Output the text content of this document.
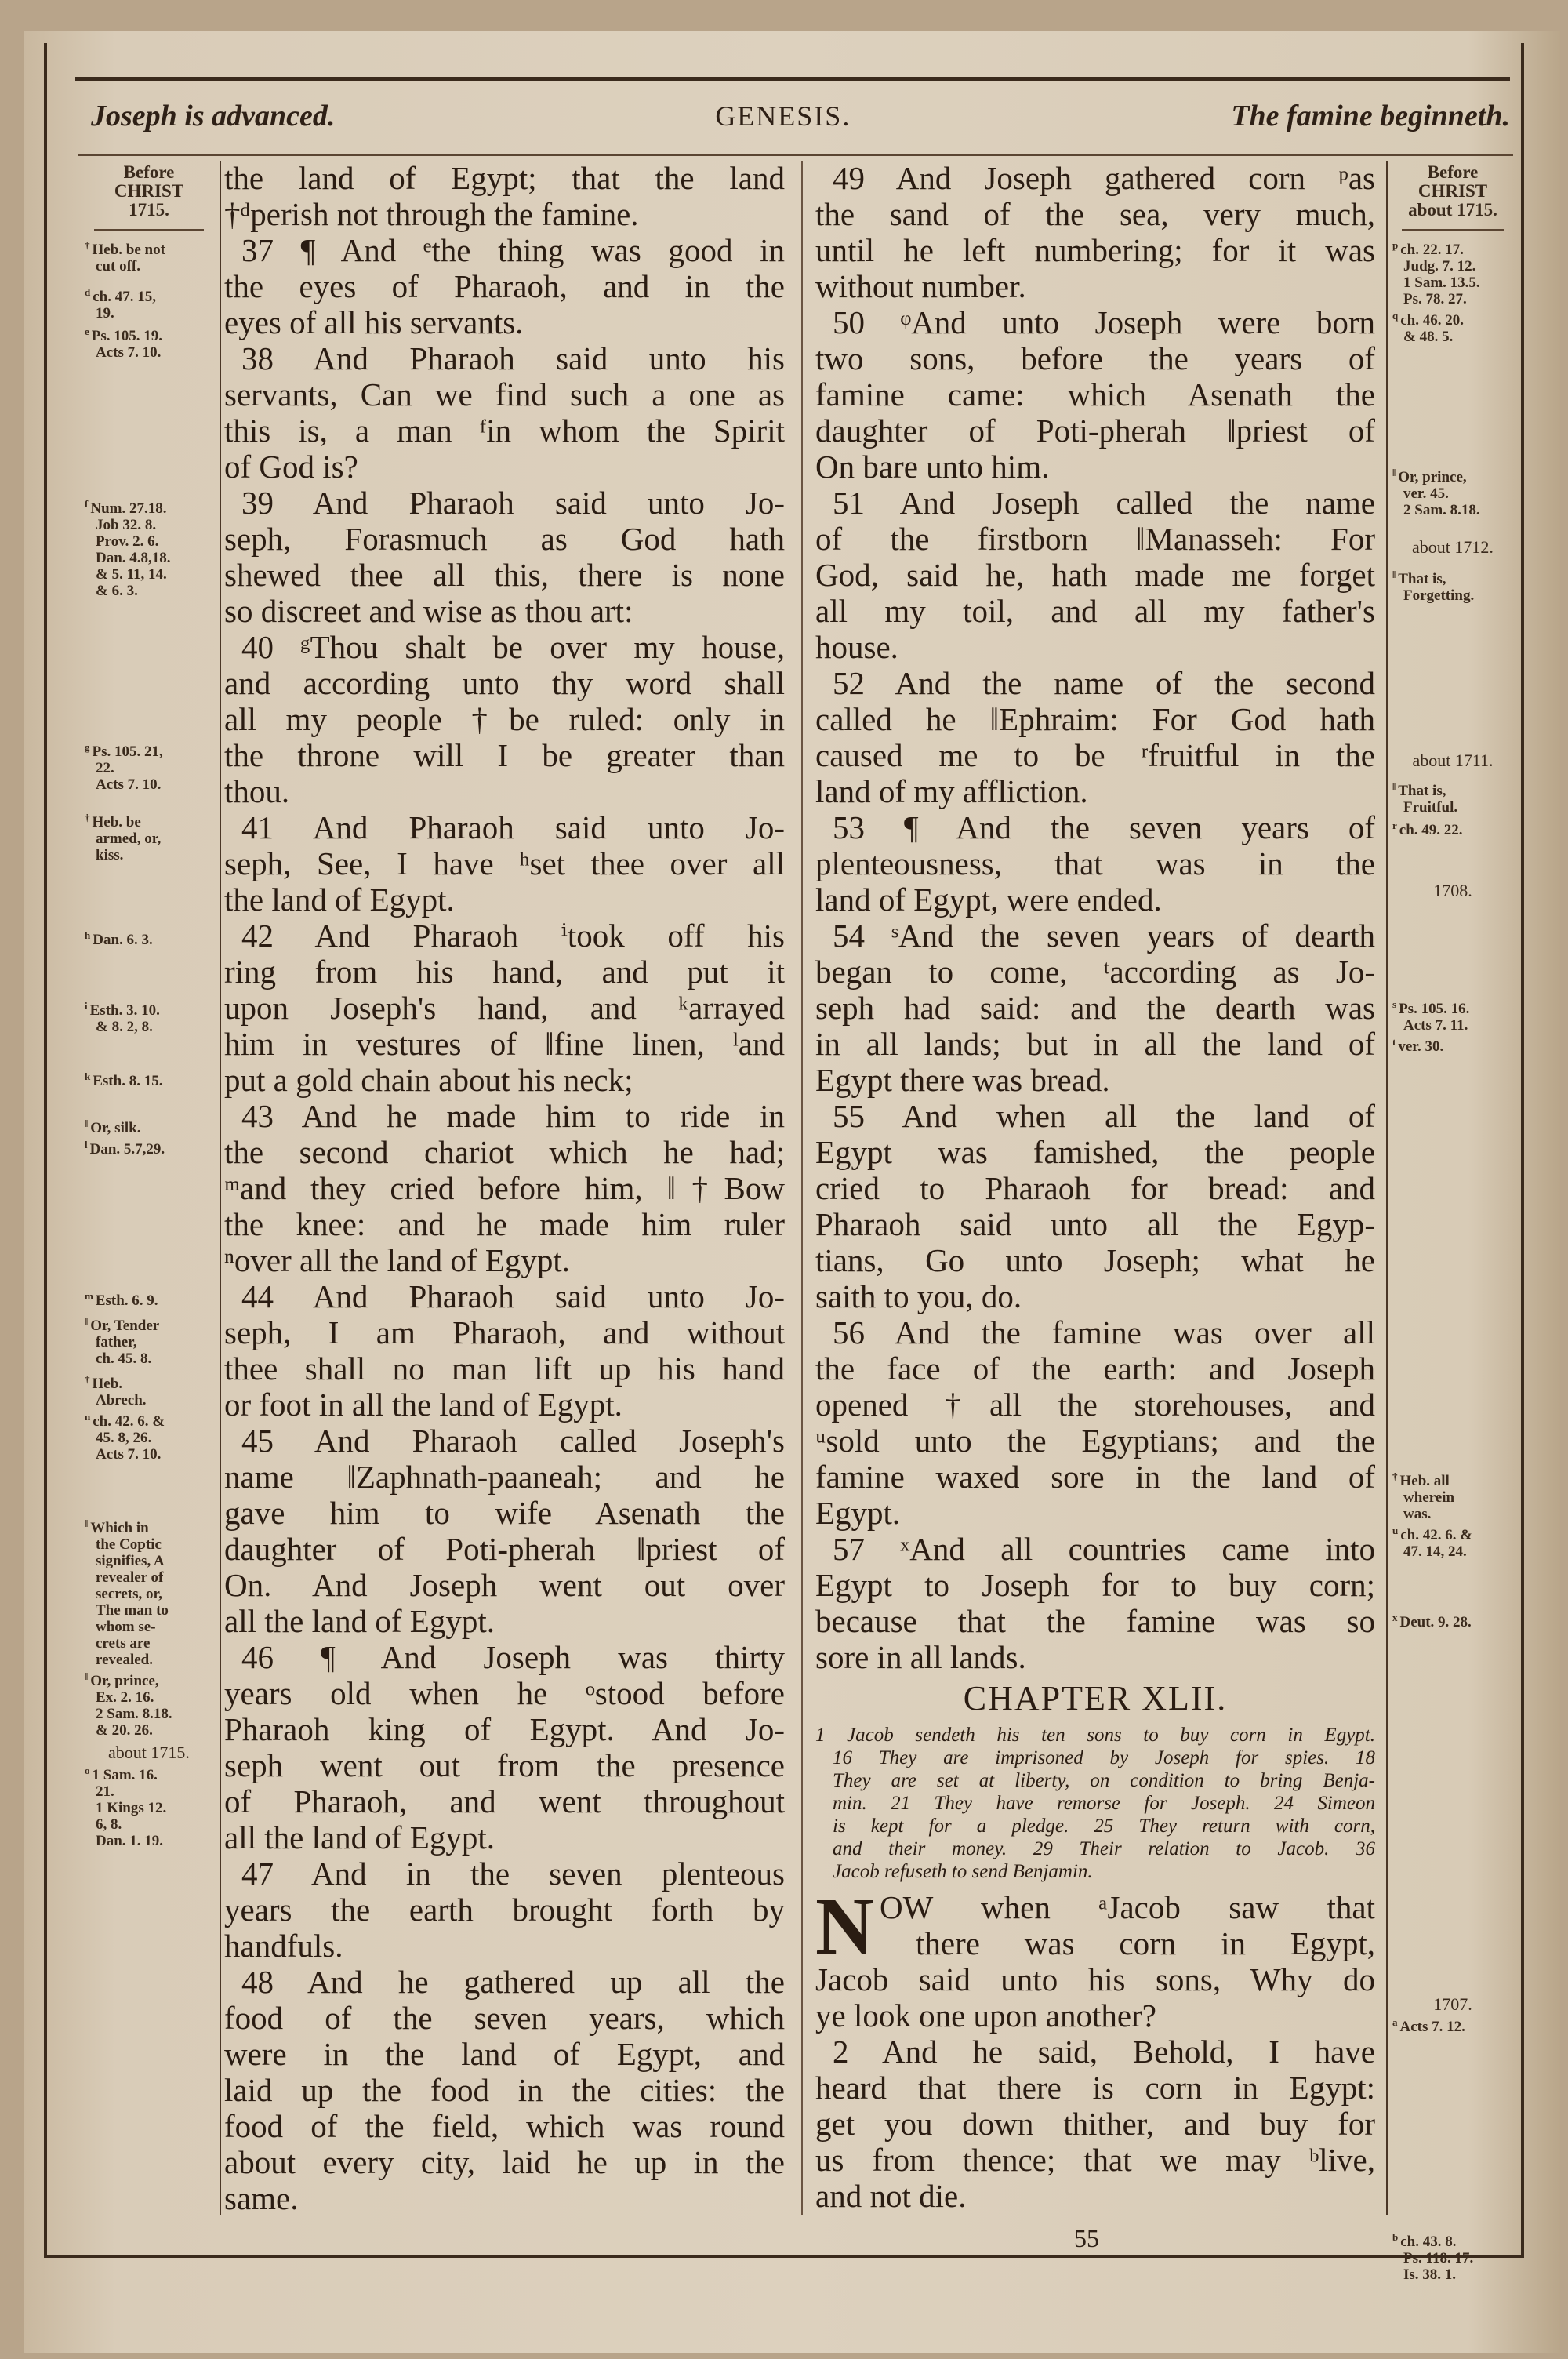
Joseph is advanced.	GENESIS.	The famine beginneth.
Before
CHRIST
1715.
† Heb. be not
cut off.
$^d$ ch. 47. 15,
19.
$^e$ Ps. 105. 19.
Acts 7. 10.
$^f$ Num. 27.18.
Job 32. 8.
Prov. 2. 6.
Dan. 4.8,18.
& 5. 11, 14.
& 6. 3.
$^g$ Ps. 105. 21,
22.
Acts 7. 10.
† Heb. be
armed, or,
kiss.
$^h$ Dan. 6. 3.
$^i$ Esth. 3. 10.
& 8. 2, 8.
$^k$ Esth. 8. 15.
‖ Or, silk.
$^l$ Dan. 5.7,29.
$^m$ Esth. 6. 9.
‖ Or, Tender
father,
ch. 45. 8.
† Heb.
Abrech.
$^n$ ch. 42. 6. &
45. 8, 26.
Acts 7. 10.
‖ Which in
the Coptic
signifies, A
revealer of
secrets, or,
The man to
whom se-
crets are
revealed.
‖ Or, prince,
Ex. 2. 16.
2 Sam. 8.18.
& 20. 26.
about 1715.
$^o$ 1 Sam. 16.
21.
1 Kings 12.
6, 8.
Dan. 1. 19.
Before
CHRIST
about 1715.
$^p$ ch. 22. 17.
Judg. 7. 12.
1 Sam. 13.5.
Ps. 78. 27.
$^q$ ch. 46. 20.
& 48. 5.
‖ Or, prince,
ver. 45.
2 Sam. 8.18.
about 1712.
‖ That is,
Forgetting.
about 1711.
‖ That is,
Fruitful.
$^r$ ch. 49. 22.
1708.
$^s$ Ps. 105. 16.
Acts 7. 11.
$^t$ ver. 30.
† Heb. all
wherein
was.
$^u$ ch. 42. 6. &
47. 14, 24.
$^x$ Deut. 9. 28.
1707.
$^a$ Acts 7. 12.
$^b$ ch. 43. 8.
Ps. 118. 17.
Is. 38. 1.
the land of Egypt; that the land
†ᵈperish not through the famine.
37 ¶ And ᵉthe thing was good in
the eyes of Pharaoh, and in the
eyes of all his servants.
38 And Pharaoh said unto his
servants, Can we find such a one as
this is, a man ᶠin whom the Spirit
of God is?
39 And Pharaoh said unto Jo-
seph, Forasmuch as God hath
shewed thee all this, there is none
so discreet and wise as thou art:
40 ᵍThou shalt be over my house,
and according unto thy word shall
all my people †be ruled: only in
the throne will I be greater than
thou.
41 And Pharaoh said unto Jo-
seph, See, I have ʰset thee over all
the land of Egypt.
42 And Pharaoh ⁱtook off his
ring from his hand, and put it
upon Joseph's hand, and ᵏarrayed
him in vestures of ‖fine linen, ˡand
put a gold chain about his neck;
43 And he made him to ride in
the second chariot which he had;
ᵐand they cried before him, ‖†Bow
the knee: and he made him ruler
ⁿover all the land of Egypt.
44 And Pharaoh said unto Jo-
seph, I am Pharaoh, and without
thee shall no man lift up his hand
or foot in all the land of Egypt.
45 And Pharaoh called Joseph's
name ‖Zaphnath-paaneah; and he
gave him to wife Asenath the
daughter of Poti-pherah ‖priest of
On. And Joseph went out over
all the land of Egypt.
46 ¶ And Joseph was thirty
years old when he ᵒstood before
Pharaoh king of Egypt. And Jo-
seph went out from the presence
of Pharaoh, and went throughout
all the land of Egypt.
47 And in the seven plenteous
years the earth brought forth by
handfuls.
48 And he gathered up all the
food of the seven years, which
were in the land of Egypt, and
laid up the food in the cities: the
food of the field, which was round
about every city, laid he up in the
same.
49 And Joseph gathered corn ᵖas
the sand of the sea, very much,
until he left numbering; for it was
without number.
50 ᵠAnd unto Joseph were born
two sons, before the years of
famine came: which Asenath the
daughter of Poti-pherah ‖priest of
On bare unto him.
51 And Joseph called the name
of the firstborn ‖Manasseh: For
God, said he, hath made me forget
all my toil, and all my father's
house.
52 And the name of the second
called he ‖Ephraim: For God hath
caused me to be ʳfruitful in the
land of my affliction.
53 ¶ And the seven years of
plenteousness, that was in the
land of Egypt, were ended.
54 ˢAnd the seven years of dearth
began to come, ᵗaccording as Jo-
seph had said: and the dearth was
in all lands; but in all the land of
Egypt there was bread.
55 And when all the land of
Egypt was famished, the people
cried to Pharaoh for bread: and
Pharaoh said unto all the Egyp-
tians, Go unto Joseph; what he
saith to you, do.
56 And the famine was over all
the face of the earth: and Joseph
opened †all the storehouses, and
ᵘsold unto the Egyptians; and the
famine waxed sore in the land of
Egypt.
57 ˣAnd all countries came into
Egypt to Joseph for to buy corn;
because that the famine was so
sore in all lands.
CHAPTER XLII.
1 Jacob sendeth his ten sons to buy corn in Egypt.
16 They are imprisoned by Joseph for spies. 18
They are set at liberty, on condition to bring Benja-
min. 21 They have remorse for Joseph. 24 Simeon
is kept for a pledge. 25 They return with corn,
and their money. 29 Their relation to Jacob. 36
Jacob refuseth to send Benjamin.
N OW when ᵃJacob saw that
there was corn in Egypt,
Jacob said unto his sons, Why do
ye look one upon another?
2 And he said, Behold, I have
heard that there is corn in Egypt:
get you down thither, and buy for
us from thence; that we may ᵇlive,
and not die.
55
